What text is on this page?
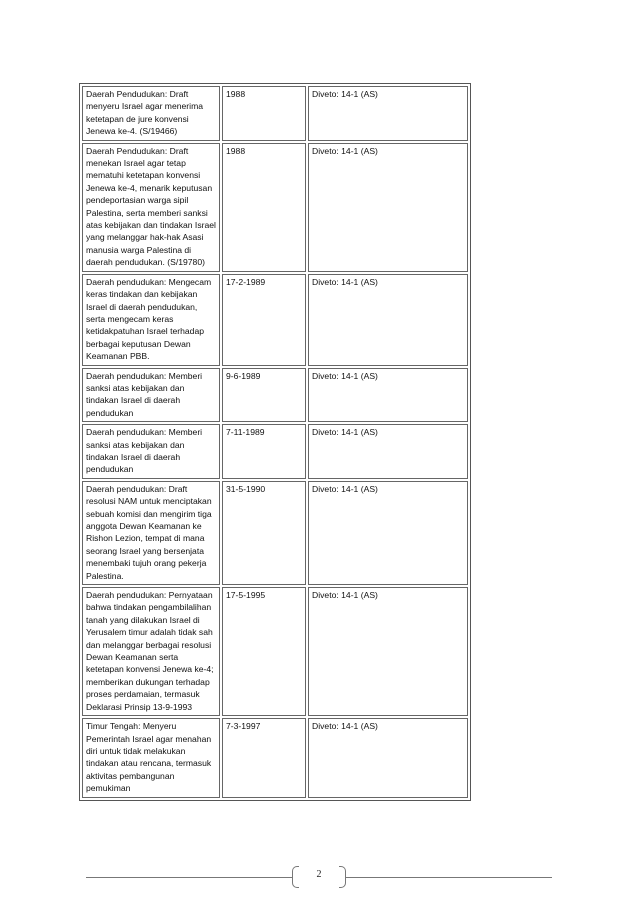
Daerah Pendudukan: Draft menyeru Israel agar menerima ketetapan de jure konvensi Jenewa ke-4. (S/19466)	1988	Diveto: 14-1 (AS)
Daerah Pendudukan: Draft menekan Israel agar tetap mematuhi ketetapan konvensi Jenewa ke-4, menarik keputusan pendeportasian warga sipil Palestina, serta memberi sanksi atas kebijakan dan tindakan Israel yang melanggar hak-hak Asasi manusia warga Palestina di daerah pendudukan. (S/19780)	1988	Diveto: 14-1 (AS)
Daerah pendudukan: Mengecam keras tindakan dan kebijakan Israel di daerah pendudukan, serta mengecam keras ketidakpatuhan Israel terhadap berbagai keputusan Dewan Keamanan PBB.	17-2-1989	Diveto: 14-1 (AS)
Daerah pendudukan: Memberi sanksi atas kebijakan dan tindakan Israel di daerah pendudukan	9-6-1989	Diveto: 14-1 (AS)
Daerah pendudukan: Memberi sanksi atas kebijakan dan tindakan Israel di daerah pendudukan	7-11-1989	Diveto: 14-1 (AS)
Daerah pendudukan: Draft resolusi NAM untuk menciptakan sebuah komisi dan mengirim tiga anggota Dewan Keamanan ke Rishon Lezion, tempat di mana seorang Israel yang bersenjata menembaki tujuh orang pekerja Palestina.	31-5-1990	Diveto: 14-1 (AS)
Daerah pendudukan: Pernyataan bahwa tindakan pengambilalihan tanah yang dilakukan Israel di Yerusalem timur adalah tidak sah dan melanggar berbagai resolusi Dewan Keamanan serta ketetapan konvensi Jenewa ke-4; memberikan dukungan terhadap proses perdamaian, termasuk Deklarasi Prinsip 13-9-1993	17-5-1995	Diveto: 14-1 (AS)
Timur Tengah: Menyeru Pemerintah Israel agar menahan diri untuk tidak melakukan tindakan atau rencana, termasuk aktivitas pembangunan pemukiman	7-3-1997	Diveto: 14-1 (AS)
2
